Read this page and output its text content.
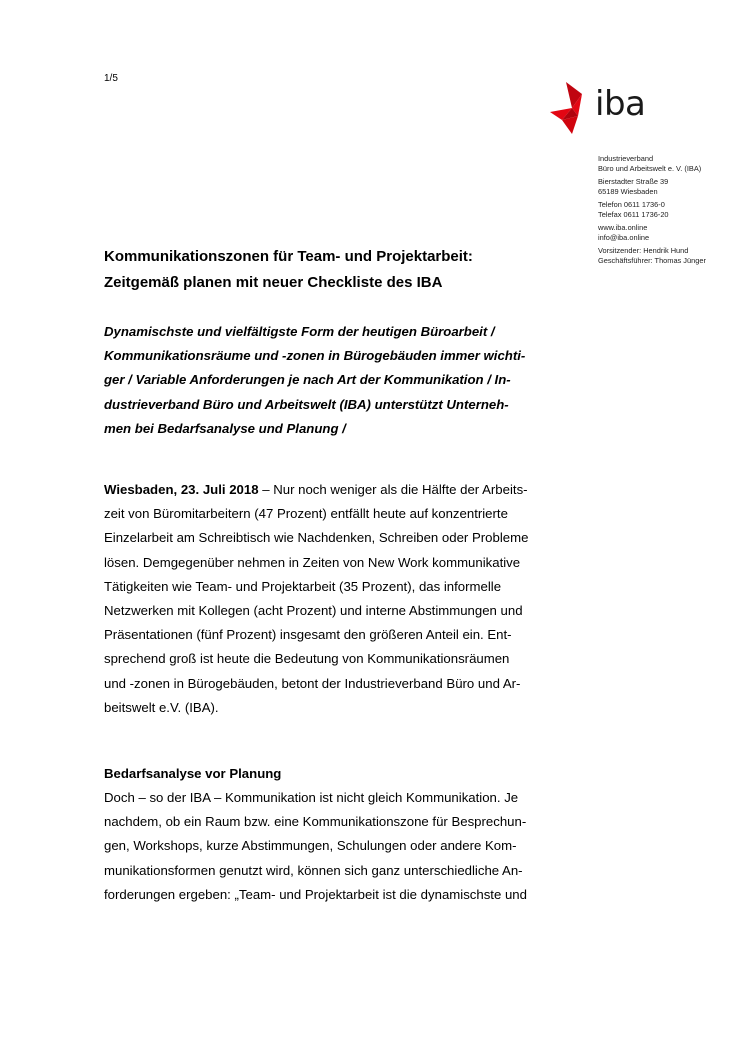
1/5
iba
Industrieverband
Büro und Arbeitswelt e. V. (IBA)
Bierstadter Straße 39
65189 Wiesbaden
Telefon 0611 1736-0
Telefax 0611 1736-20
www.iba.online
info@iba.online
Vorsitzender: Hendrik Hund
Geschäftsführer: Thomas Jünger
Kommunikationszonen für Team- und Projektarbeit:
Zeitgemäß planen mit neuer Checkliste des IBA
Dynamischste und vielfältigste Form der heutigen Büroarbeit /
Kommunikationsräume und -zonen in Bürogebäuden immer wichti-
ger / Variable Anforderungen je nach Art der Kommunikation / In-
dustrieverband Büro und Arbeitswelt (IBA) unterstützt Unterneh-
men bei Bedarfsanalyse und Planung /
Wiesbaden, 23. Juli 2018 – Nur noch weniger als die Hälfte der Arbeits-
zeit von Büromitarbeitern (47 Prozent) entfällt heute auf konzentrierte
Einzelarbeit am Schreibtisch wie Nachdenken, Schreiben oder Probleme
lösen. Demgegenüber nehmen in Zeiten von New Work kommunikative
Tätigkeiten wie Team- und Projektarbeit (35 Prozent), das informelle
Netzwerken mit Kollegen (acht Prozent) und interne Abstimmungen und
Präsentationen (fünf Prozent) insgesamt den größeren Anteil ein. Ent-
sprechend groß ist heute die Bedeutung von Kommunikationsräumen
und -zonen in Bürogebäuden, betont der Industrieverband Büro und Ar-
beitswelt e.V. (IBA).
Bedarfsanalyse vor Planung
Doch – so der IBA – Kommunikation ist nicht gleich Kommunikation. Je
nachdem, ob ein Raum bzw. eine Kommunikationszone für Besprechun-
gen, Workshops, kurze Abstimmungen, Schulungen oder andere Kom-
munikationsformen genutzt wird, können sich ganz unterschiedliche An-
forderungen ergeben: „Team- und Projektarbeit ist die dynamischste und
